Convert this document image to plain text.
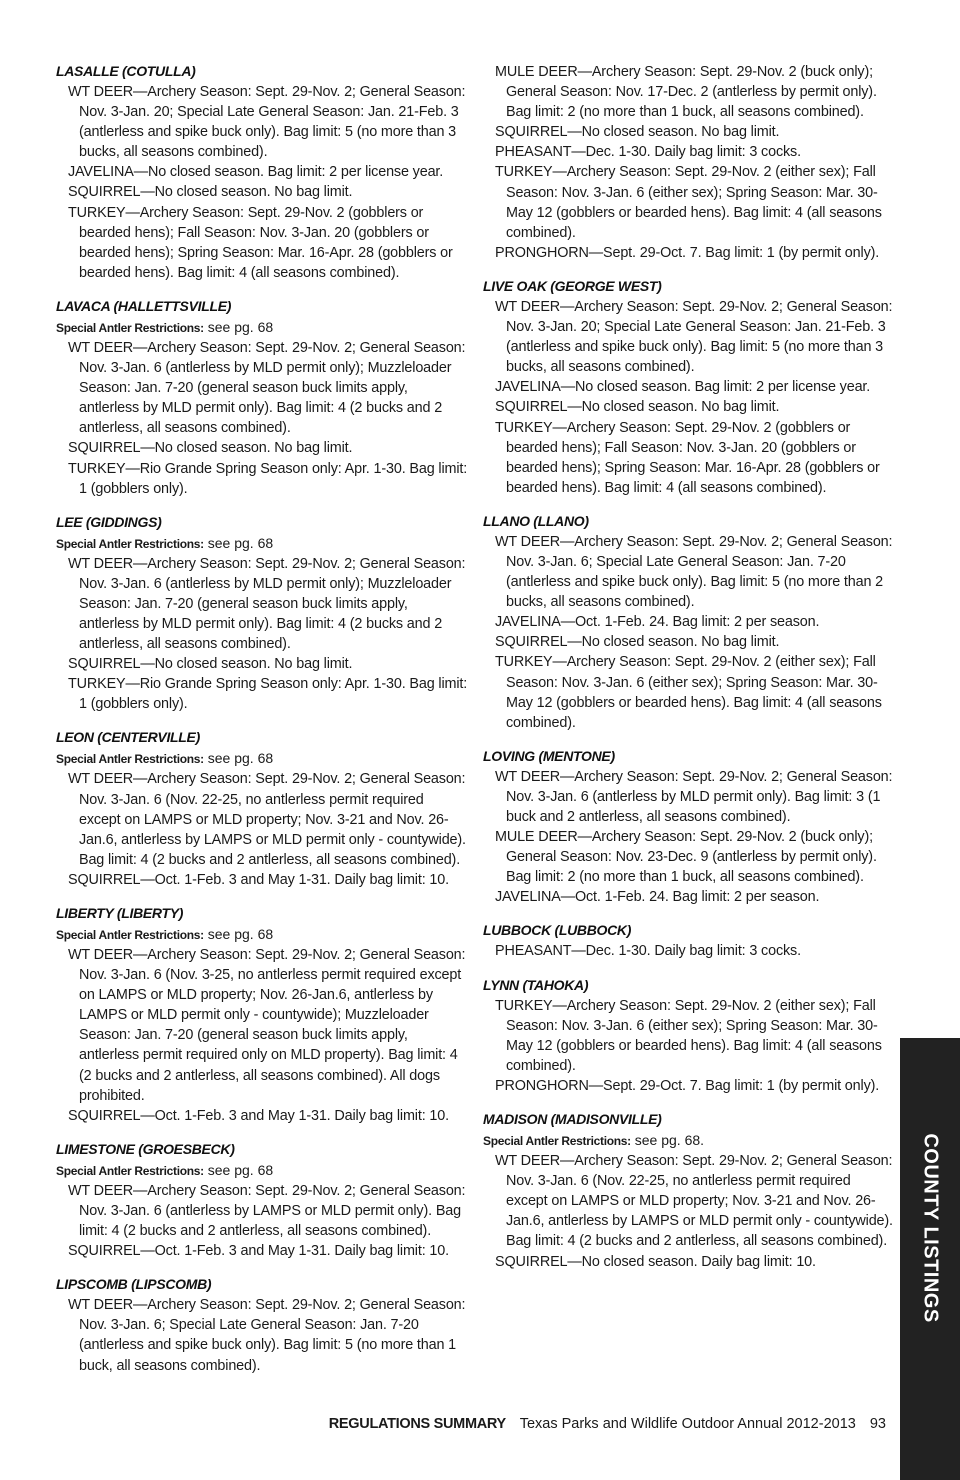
LASALLE (COTULLA)
WT DEER—Archery Season: Sept. 29-Nov. 2; General Season: Nov. 3-Jan. 20; Special Late General Season: Jan. 21-Feb. 3 (antlerless and spike buck only). Bag limit: 5 (no more than 3 bucks, all seasons combined).
JAVELINA—No closed season. Bag limit: 2 per license year.
SQUIRREL—No closed season. No bag limit.
TURKEY—Archery Season: Sept. 29-Nov. 2 (gobblers or bearded hens); Fall Season: Nov. 3-Jan. 20 (gobblers or bearded hens); Spring Season: Mar. 16-Apr. 28 (gobblers or bearded hens). Bag limit: 4 (all seasons combined).
LAVACA (HALLETTSVILLE)
Special Antler Restrictions: see pg. 68
WT DEER—Archery Season: Sept. 29-Nov. 2; General Season: Nov. 3-Jan. 6 (antlerless by MLD permit only); Muzzleloader Season: Jan. 7-20 (general season buck limits apply, antlerless by MLD permit only). Bag limit: 4 (2 bucks and 2 antlerless, all seasons combined).
SQUIRREL—No closed season. No bag limit.
TURKEY—Rio Grande Spring Season only: Apr. 1-30. Bag limit: 1 (gobblers only).
LEE (GIDDINGS)
Special Antler Restrictions: see pg. 68
WT DEER—Archery Season: Sept. 29-Nov. 2; General Season: Nov. 3-Jan. 6 (antlerless by MLD permit only); Muzzleloader Season: Jan. 7-20 (general season buck limits apply, antlerless by MLD permit only). Bag limit: 4 (2 bucks and 2 antlerless, all seasons combined).
SQUIRREL—No closed season. No bag limit.
TURKEY—Rio Grande Spring Season only: Apr. 1-30. Bag limit: 1 (gobblers only).
LEON (CENTERVILLE)
Special Antler Restrictions: see pg. 68
WT DEER—Archery Season: Sept. 29-Nov. 2; General Season: Nov. 3-Jan. 6 (Nov. 22-25, no antlerless permit required except on LAMPS or MLD property; Nov. 3-21 and Nov. 26-Jan.6, antlerless by LAMPS or MLD permit only - countywide). Bag limit: 4 (2 bucks and 2 antlerless, all seasons combined).
SQUIRREL—Oct. 1-Feb. 3 and May 1-31. Daily bag limit: 10.
LIBERTY (LIBERTY)
Special Antler Restrictions: see pg. 68
WT DEER—Archery Season: Sept. 29-Nov. 2; General Season: Nov. 3-Jan. 6 (Nov. 3-25, no antlerless permit required except on LAMPS or MLD property; Nov. 26-Jan.6, antlerless by LAMPS or MLD permit only - countywide); Muzzleloader Season: Jan. 7-20 (general season buck limits apply, antlerless permit required only on MLD property). Bag limit: 4 (2 bucks and 2 antlerless, all seasons combined). All dogs prohibited.
SQUIRREL—Oct. 1-Feb. 3 and May 1-31. Daily bag limit: 10.
LIMESTONE (GROESBECK)
Special Antler Restrictions: see pg. 68
WT DEER—Archery Season: Sept. 29-Nov. 2; General Season: Nov. 3-Jan. 6 (antlerless by LAMPS or MLD permit only). Bag limit: 4 (2 bucks and 2 antlerless, all seasons combined).
SQUIRREL—Oct. 1-Feb. 3 and May 1-31. Daily bag limit: 10.
LIPSCOMB (LIPSCOMB)
WT DEER—Archery Season: Sept. 29-Nov. 2; General Season: Nov. 3-Jan. 6; Special Late General Season: Jan. 7-20 (antlerless and spike buck only). Bag limit: 5 (no more than 1 buck, all seasons combined).
MULE DEER—Archery Season: Sept. 29-Nov. 2 (buck only); General Season: Nov. 17-Dec. 2 (antlerless by permit only). Bag limit: 2 (no more than 1 buck, all seasons combined).
SQUIRREL—No closed season. No bag limit.
PHEASANT—Dec. 1-30. Daily bag limit: 3 cocks.
TURKEY—Archery Season: Sept. 29-Nov. 2 (either sex); Fall Season: Nov. 3-Jan. 6 (either sex); Spring Season: Mar. 30-May 12 (gobblers or bearded hens). Bag limit: 4 (all seasons combined).
PRONGHORN—Sept. 29-Oct. 7. Bag limit: 1 (by permit only).
LIVE OAK (GEORGE WEST)
WT DEER—Archery Season: Sept. 29-Nov. 2; General Season: Nov. 3-Jan. 20; Special Late General Season: Jan. 21-Feb. 3 (antlerless and spike buck only). Bag limit: 5 (no more than 3 bucks, all seasons combined).
JAVELINA—No closed season. Bag limit: 2 per license year.
SQUIRREL—No closed season. No bag limit.
TURKEY—Archery Season: Sept. 29-Nov. 2 (gobblers or bearded hens); Fall Season: Nov. 3-Jan. 20 (gobblers or bearded hens); Spring Season: Mar. 16-Apr. 28 (gobblers or bearded hens). Bag limit: 4 (all seasons combined).
LLANO (LLANO)
WT DEER—Archery Season: Sept. 29-Nov. 2; General Season: Nov. 3-Jan. 6; Special Late General Season: Jan. 7-20 (antlerless and spike buck only). Bag limit: 5 (no more than 2 bucks, all seasons combined).
JAVELINA—Oct. 1-Feb. 24. Bag limit: 2 per season.
SQUIRREL—No closed season. No bag limit.
TURKEY—Archery Season: Sept. 29-Nov. 2 (either sex); Fall Season: Nov. 3-Jan. 6 (either sex); Spring Season: Mar. 30-May 12 (gobblers or bearded hens). Bag limit: 4 (all seasons combined).
LOVING (MENTONE)
WT DEER—Archery Season: Sept. 29-Nov. 2; General Season: Nov. 3-Jan. 6 (antlerless by MLD permit only). Bag limit: 3 (1 buck and 2 antlerless, all seasons combined).
MULE DEER—Archery Season: Sept. 29-Nov. 2 (buck only); General Season: Nov. 23-Dec. 9 (antlerless by permit only). Bag limit: 2 (no more than 1 buck, all seasons combined).
JAVELINA—Oct. 1-Feb. 24. Bag limit: 2 per season.
LUBBOCK (LUBBOCK)
PHEASANT—Dec. 1-30. Daily bag limit: 3 cocks.
LYNN (TAHOKA)
TURKEY—Archery Season: Sept. 29-Nov. 2 (either sex); Fall Season: Nov. 3-Jan. 6 (either sex); Spring Season: Mar. 30-May 12 (gobblers or bearded hens). Bag limit: 4 (all seasons combined).
PRONGHORN—Sept. 29-Oct. 7. Bag limit: 1 (by permit only).
MADISON (MADISONVILLE)
Special Antler Restrictions: see pg. 68.
WT DEER—Archery Season: Sept. 29-Nov. 2; General Season: Nov. 3-Jan. 6 (Nov. 22-25, no antlerless permit required except on LAMPS or MLD property; Nov. 3-21 and Nov. 26-Jan.6, antlerless by LAMPS or MLD permit only - countywide). Bag limit: 4 (2 bucks and 2 antlerless, all seasons combined).
SQUIRREL—No closed season. Daily bag limit: 10.	COUNTY LISTINGS
REGULATIONS SUMMARY Texas Parks and Wildlife Outdoor Annual 2012-2013 93
